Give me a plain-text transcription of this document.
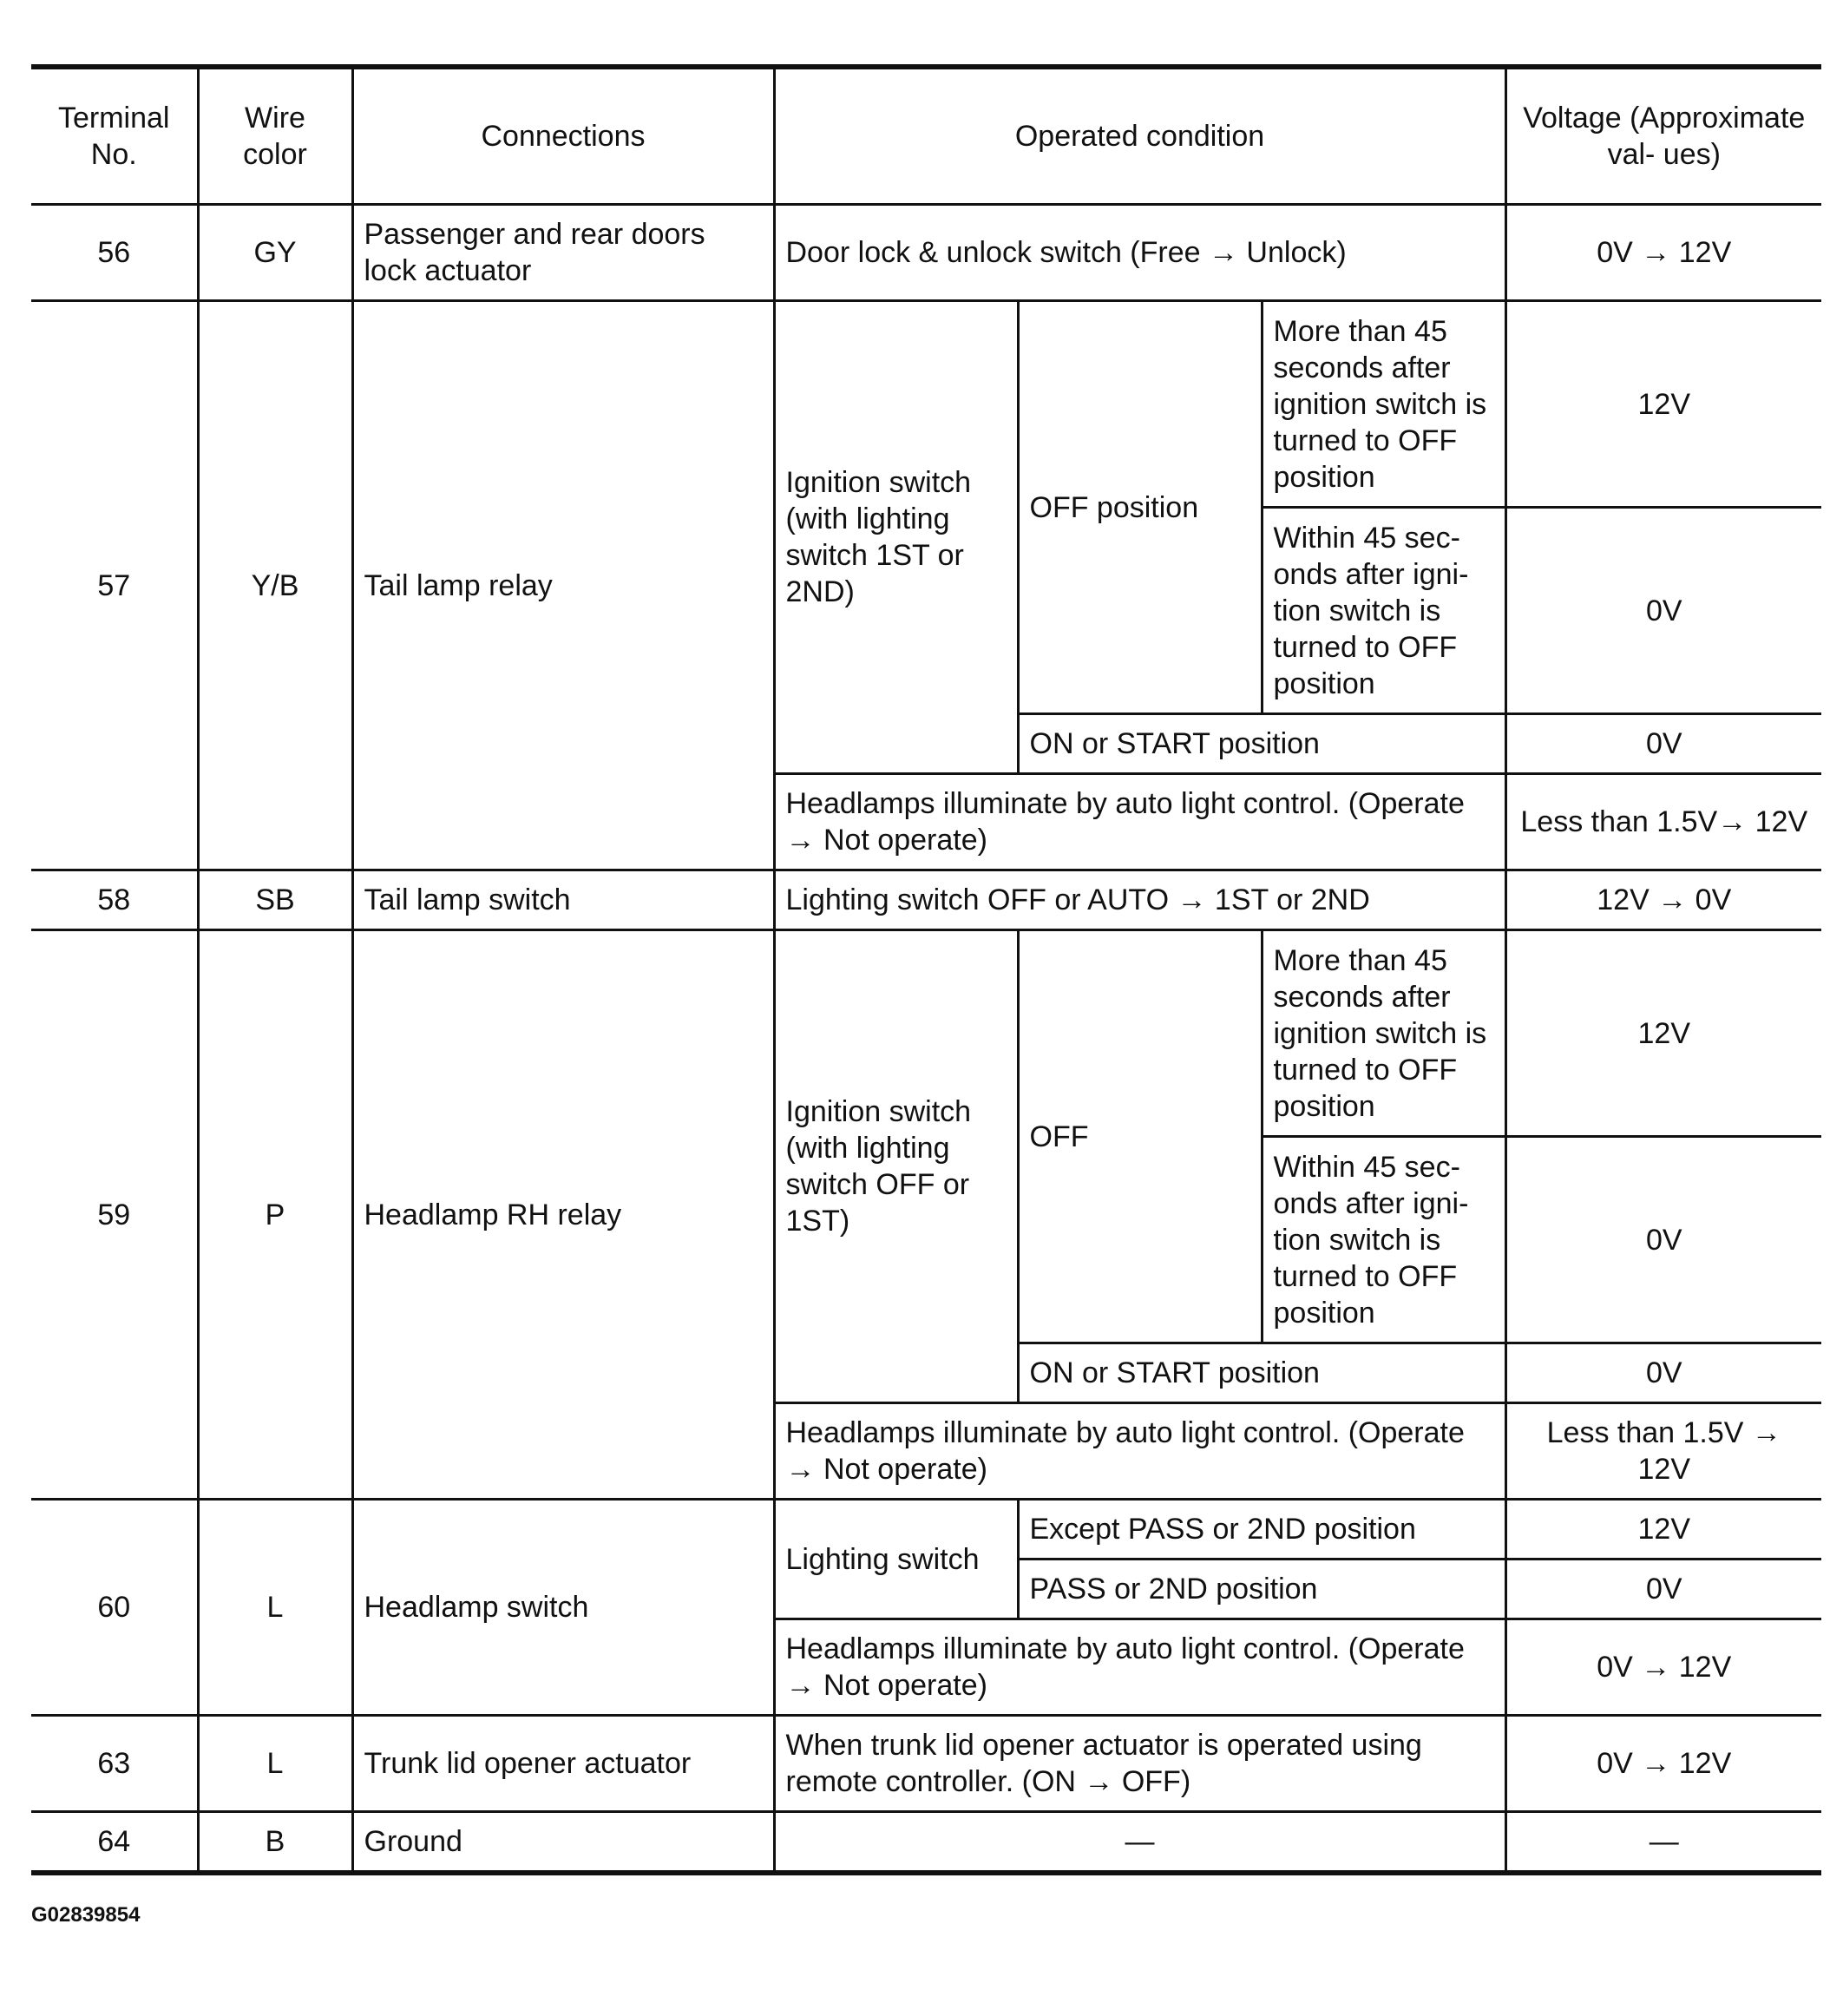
Terminal No.	Wire color	Connections	Operated condition			Voltage (Approximate val- ues)
56	GY	Passenger and rear doors lock actuator	Door lock & unlock switch (Free → Unlock)			0V → 12V
57	Y/B	Tail lamp relay	Ignition switch (with lighting switch 1ST or 2ND)	OFF position	More than 45 seconds after ignition switch is turned to OFF position	12V
					Within 45 sec- onds after igni- tion switch is turned to OFF position	0V
				ON or START position		0V
			Headlamps illuminate by auto light control. (Operate → Not operate)			Less than 1.5V→ 12V
58	SB	Tail lamp switch	Lighting switch OFF or AUTO → 1ST or 2ND			12V → 0V
59	P	Headlamp RH relay	Ignition switch (with lighting switch OFF or 1ST)	OFF	More than 45 seconds after ignition switch is turned to OFF position	12V
					Within 45 sec- onds after igni- tion switch is turned to OFF position	0V
				ON or START position		0V
			Headlamps illuminate by auto light control. (Operate → Not operate)			Less than 1.5V → 12V
60	L	Headlamp switch	Lighting switch	Except PASS or 2ND position		12V
				PASS or 2ND position		0V
			Headlamps illuminate by auto light control. (Operate → Not operate)			0V → 12V
63	L	Trunk lid opener actuator	When trunk lid opener actuator is operated using remote controller. (ON → OFF)			0V → 12V
64	B	Ground	—			—
G02839854
